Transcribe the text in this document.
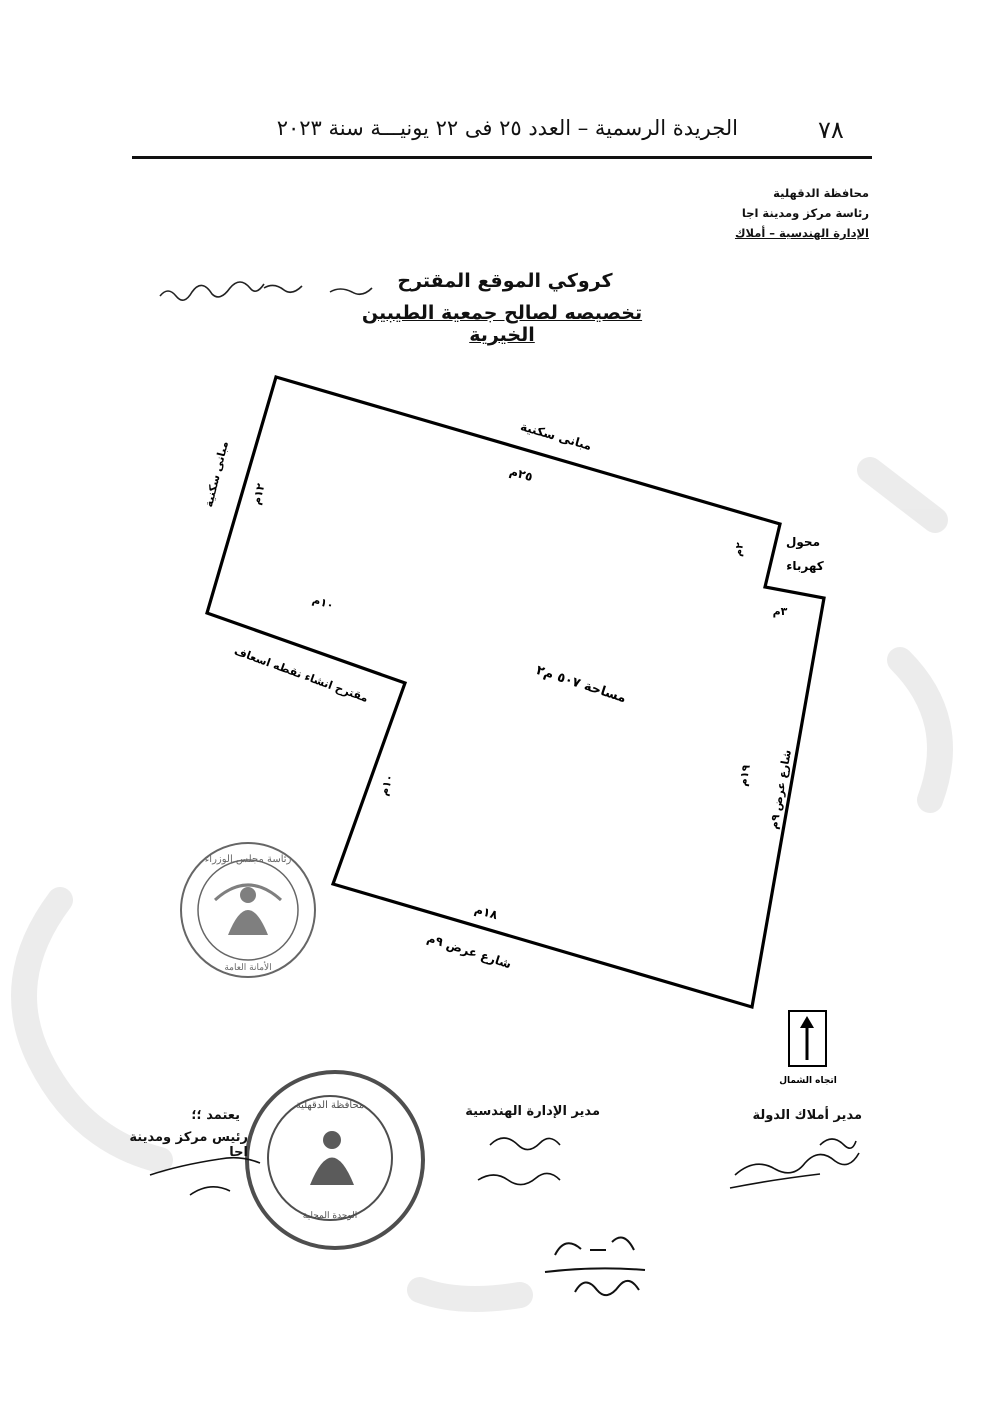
٧٨
الجريدة الرسمية – العدد ٢٥ فى ٢٢ يونيـــة سنة ٢٠٢٣
محافظة الدقهلية
رئاسة مركز ومدينة اجا
الإدارة الهندسية – أملاك
كروكي الموقع المقترح
تخصيصه لصالح جمعية الطيبين الخيرية
مبانى سكنية
٢٥م
مبانى سكنية ١٢م
محول
كهرباء
٢م
٣م
١٠م
مقترح انشاء نقطه اسعاف
١٠م
مساحة ٥٠٧ م٢
١٩م
شارع عرض ٩م
١٨م
شارع عرض ٩م
اتجاه الشمال
رئاسة مجلس الوزراء
الأمانة العامة
محافظة الدقهلية
الوحدة المحلية
مدير أملاك الدولة
مدير الإدارة الهندسية
يعتمد ؛؛
رئيس مركز ومدينة اجا
